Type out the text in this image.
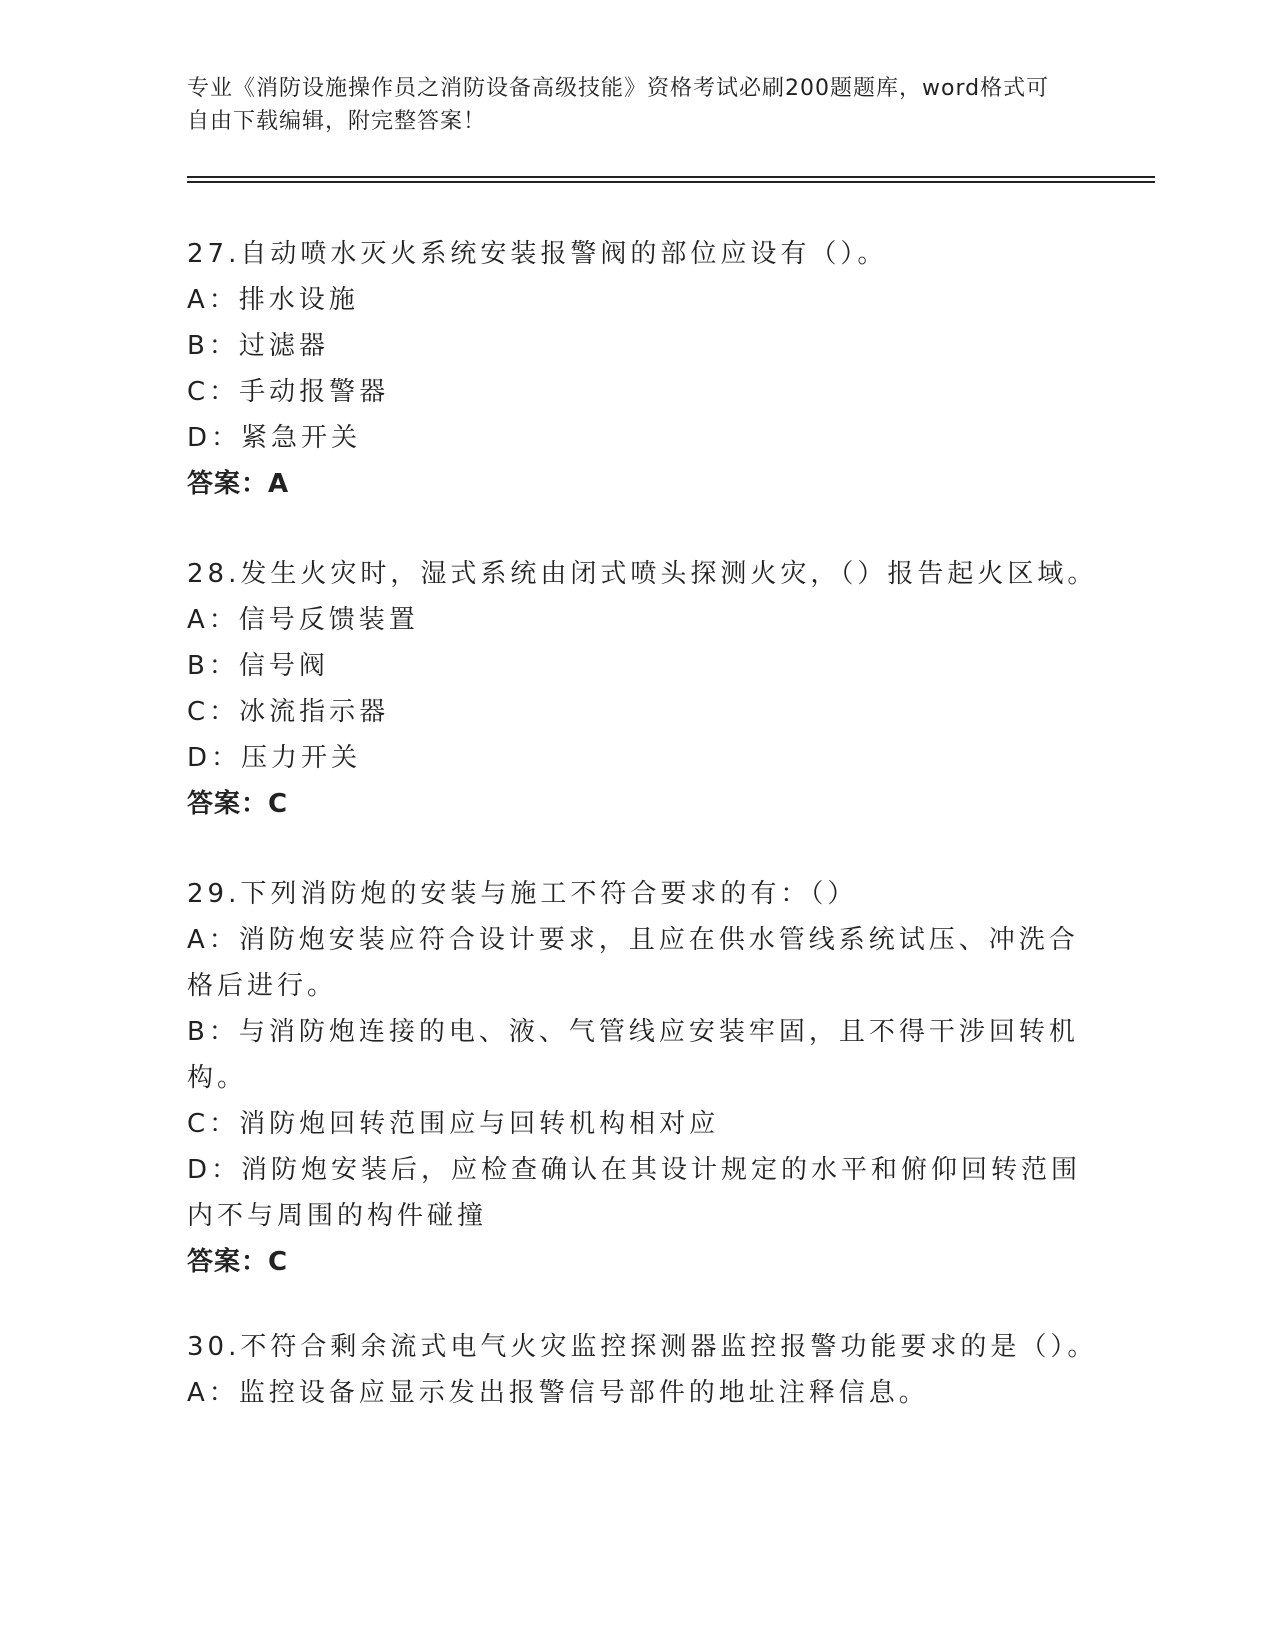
专业《消防设施操作员之消防设备高级技能》资格考试必刷200题题库，word格式可自由下载编辑，附完整答案！
27.自动喷水灭火系统安装报警阀的部位应设有（）。
A：排水设施
B：过滤器
C：手动报警器
D：紧急开关
答案：A
28.发生火灾时，湿式系统由闭式喷头探测火灾，（）报告起火区域。
A：信号反馈装置
B：信号阀
C：冰流指示器
D：压力开关
答案：C
29.下列消防炮的安装与施工不符合要求的有：（）
A：消防炮安装应符合设计要求，且应在供水管线系统试压、冲洗合格后进行。
B：与消防炮连接的电、液、气管线应安装牢固，且不得干涉回转机构。
C：消防炮回转范围应与回转机构相对应
D：消防炮安装后，应检查确认在其设计规定的水平和俯仰回转范围内不与周围的构件碰撞
答案：C
30.不符合剩余流式电气火灾监控探测器监控报警功能要求的是（）。
A：监控设备应显示发出报警信号部件的地址注释信息。
